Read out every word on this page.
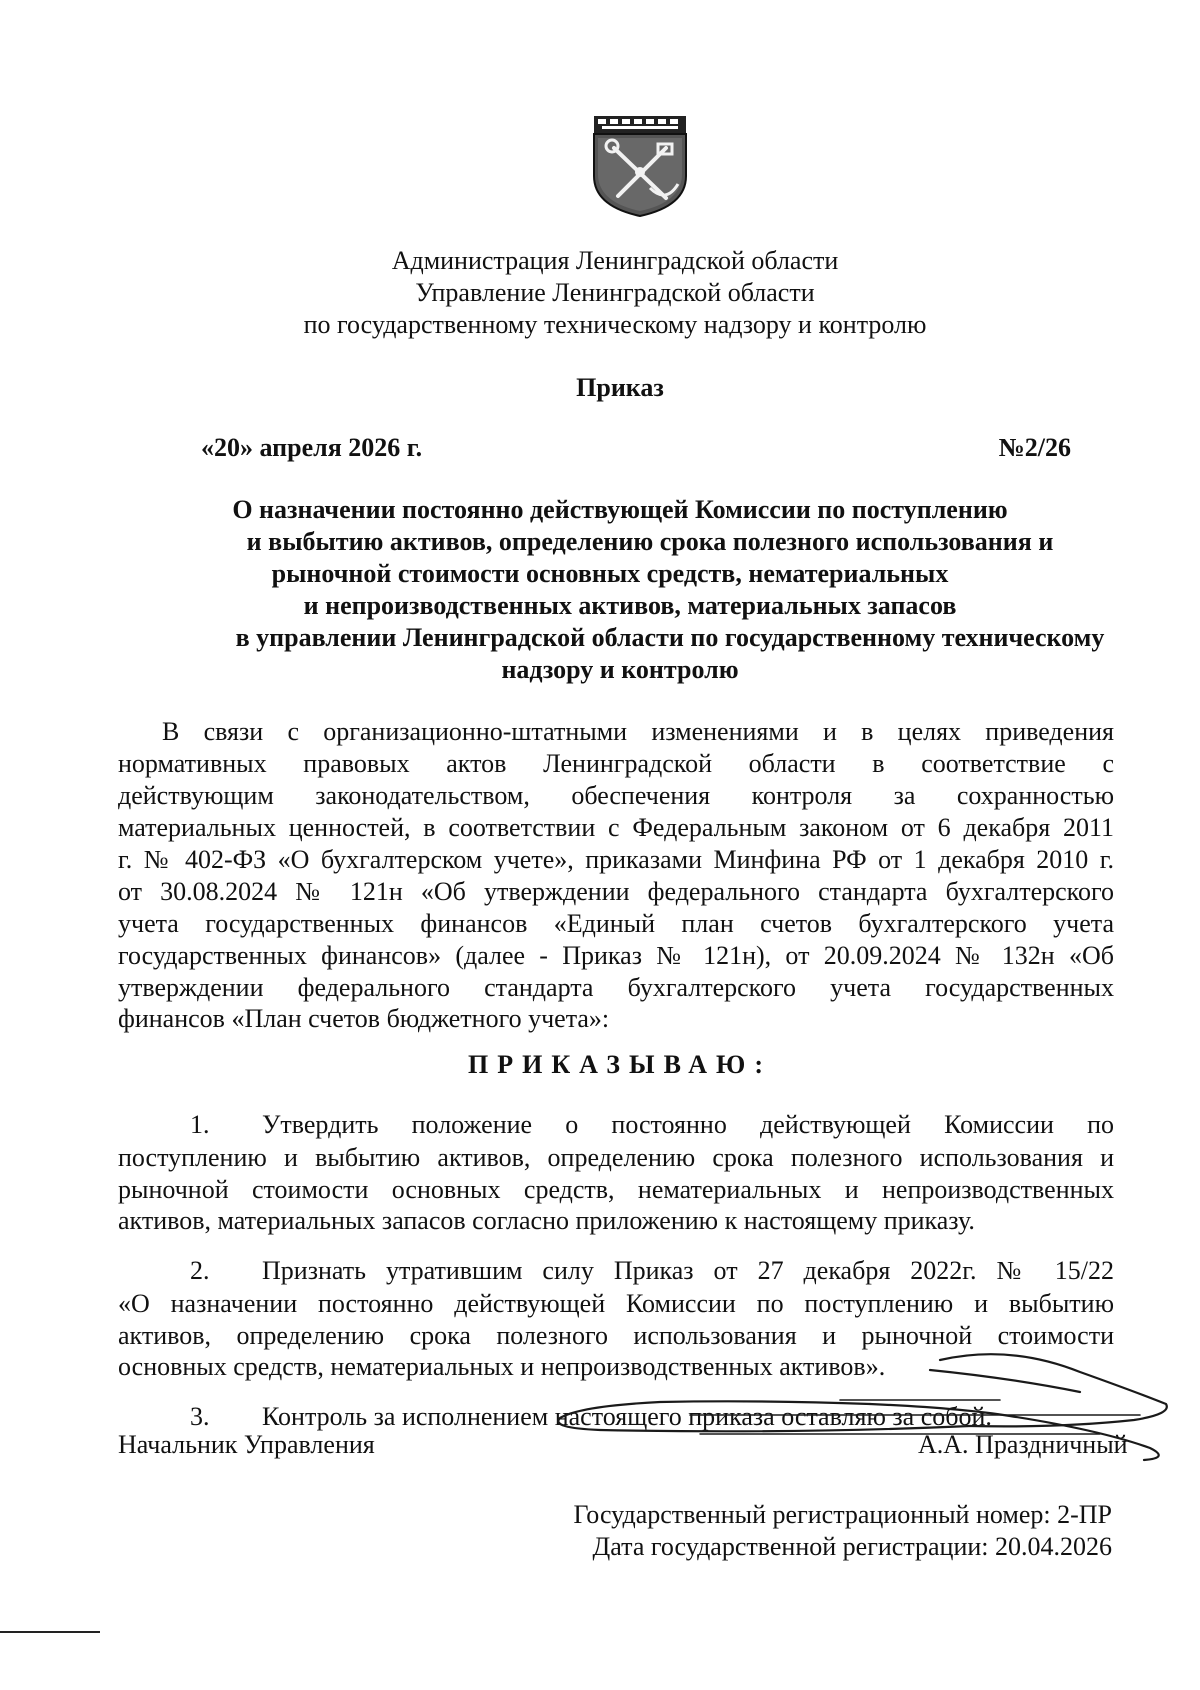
Администрация Ленинградской области
Управление Ленинградской области
по государственному техническому надзору и контролю
Приказ
«20» апреля 2026 г.	№2/26
О назначении постоянно действующей Комиссии по поступлению
и выбытию активов, определению срока полезного использования и
рыночной стоимости основных средств, нематериальных
и непроизводственных активов, материальных запасов
в управлении Ленинградской области по государственному техническому
надзору и контролю
В связи с организационно-штатными изменениями и в целях приведения
нормативных правовых актов Ленинградской области в соответствие с
действующим законодательством, обеспечения контроля за сохранностью
материальных ценностей, в соответствии с Федеральным законом от 6 декабря 2011
г. № 402-ФЗ «О бухгалтерском учете», приказами Минфина РФ от 1 декабря 2010 г.
от 30.08.2024 № 121н «Об утверждении федерального стандарта бухгалтерского
учета государственных финансов «Единый план счетов бухгалтерского учета
государственных финансов» (далее - Приказ № 121н), от 20.09.2024 № 132н «Об
утверждении федерального стандарта бухгалтерского учета государственных
финансов «План счетов бюджетного учета»:
ПРИКАЗЫВАЮ:
1. Утвердить положение о постоянно действующей Комиссии по
поступлению и выбытию активов, определению срока полезного использования и
рыночной стоимости основных средств, нематериальных и непроизводственных
активов, материальных запасов согласно приложению к настоящему приказу.
2. Признать утратившим силу Приказ от 27 декабря 2022г. № 15/22
«О назначении постоянно действующей Комиссии по поступлению и выбытию
активов, определению срока полезного использования и рыночной стоимости
основных средств, нематериальных и непроизводственных активов».
3. Контроль за исполнением настоящего приказа оставляю за собой.
Начальник Управления	А.А. Праздничный
Государственный регистрационный номер: 2-ПР
Дата государственной регистрации: 20.04.2026
